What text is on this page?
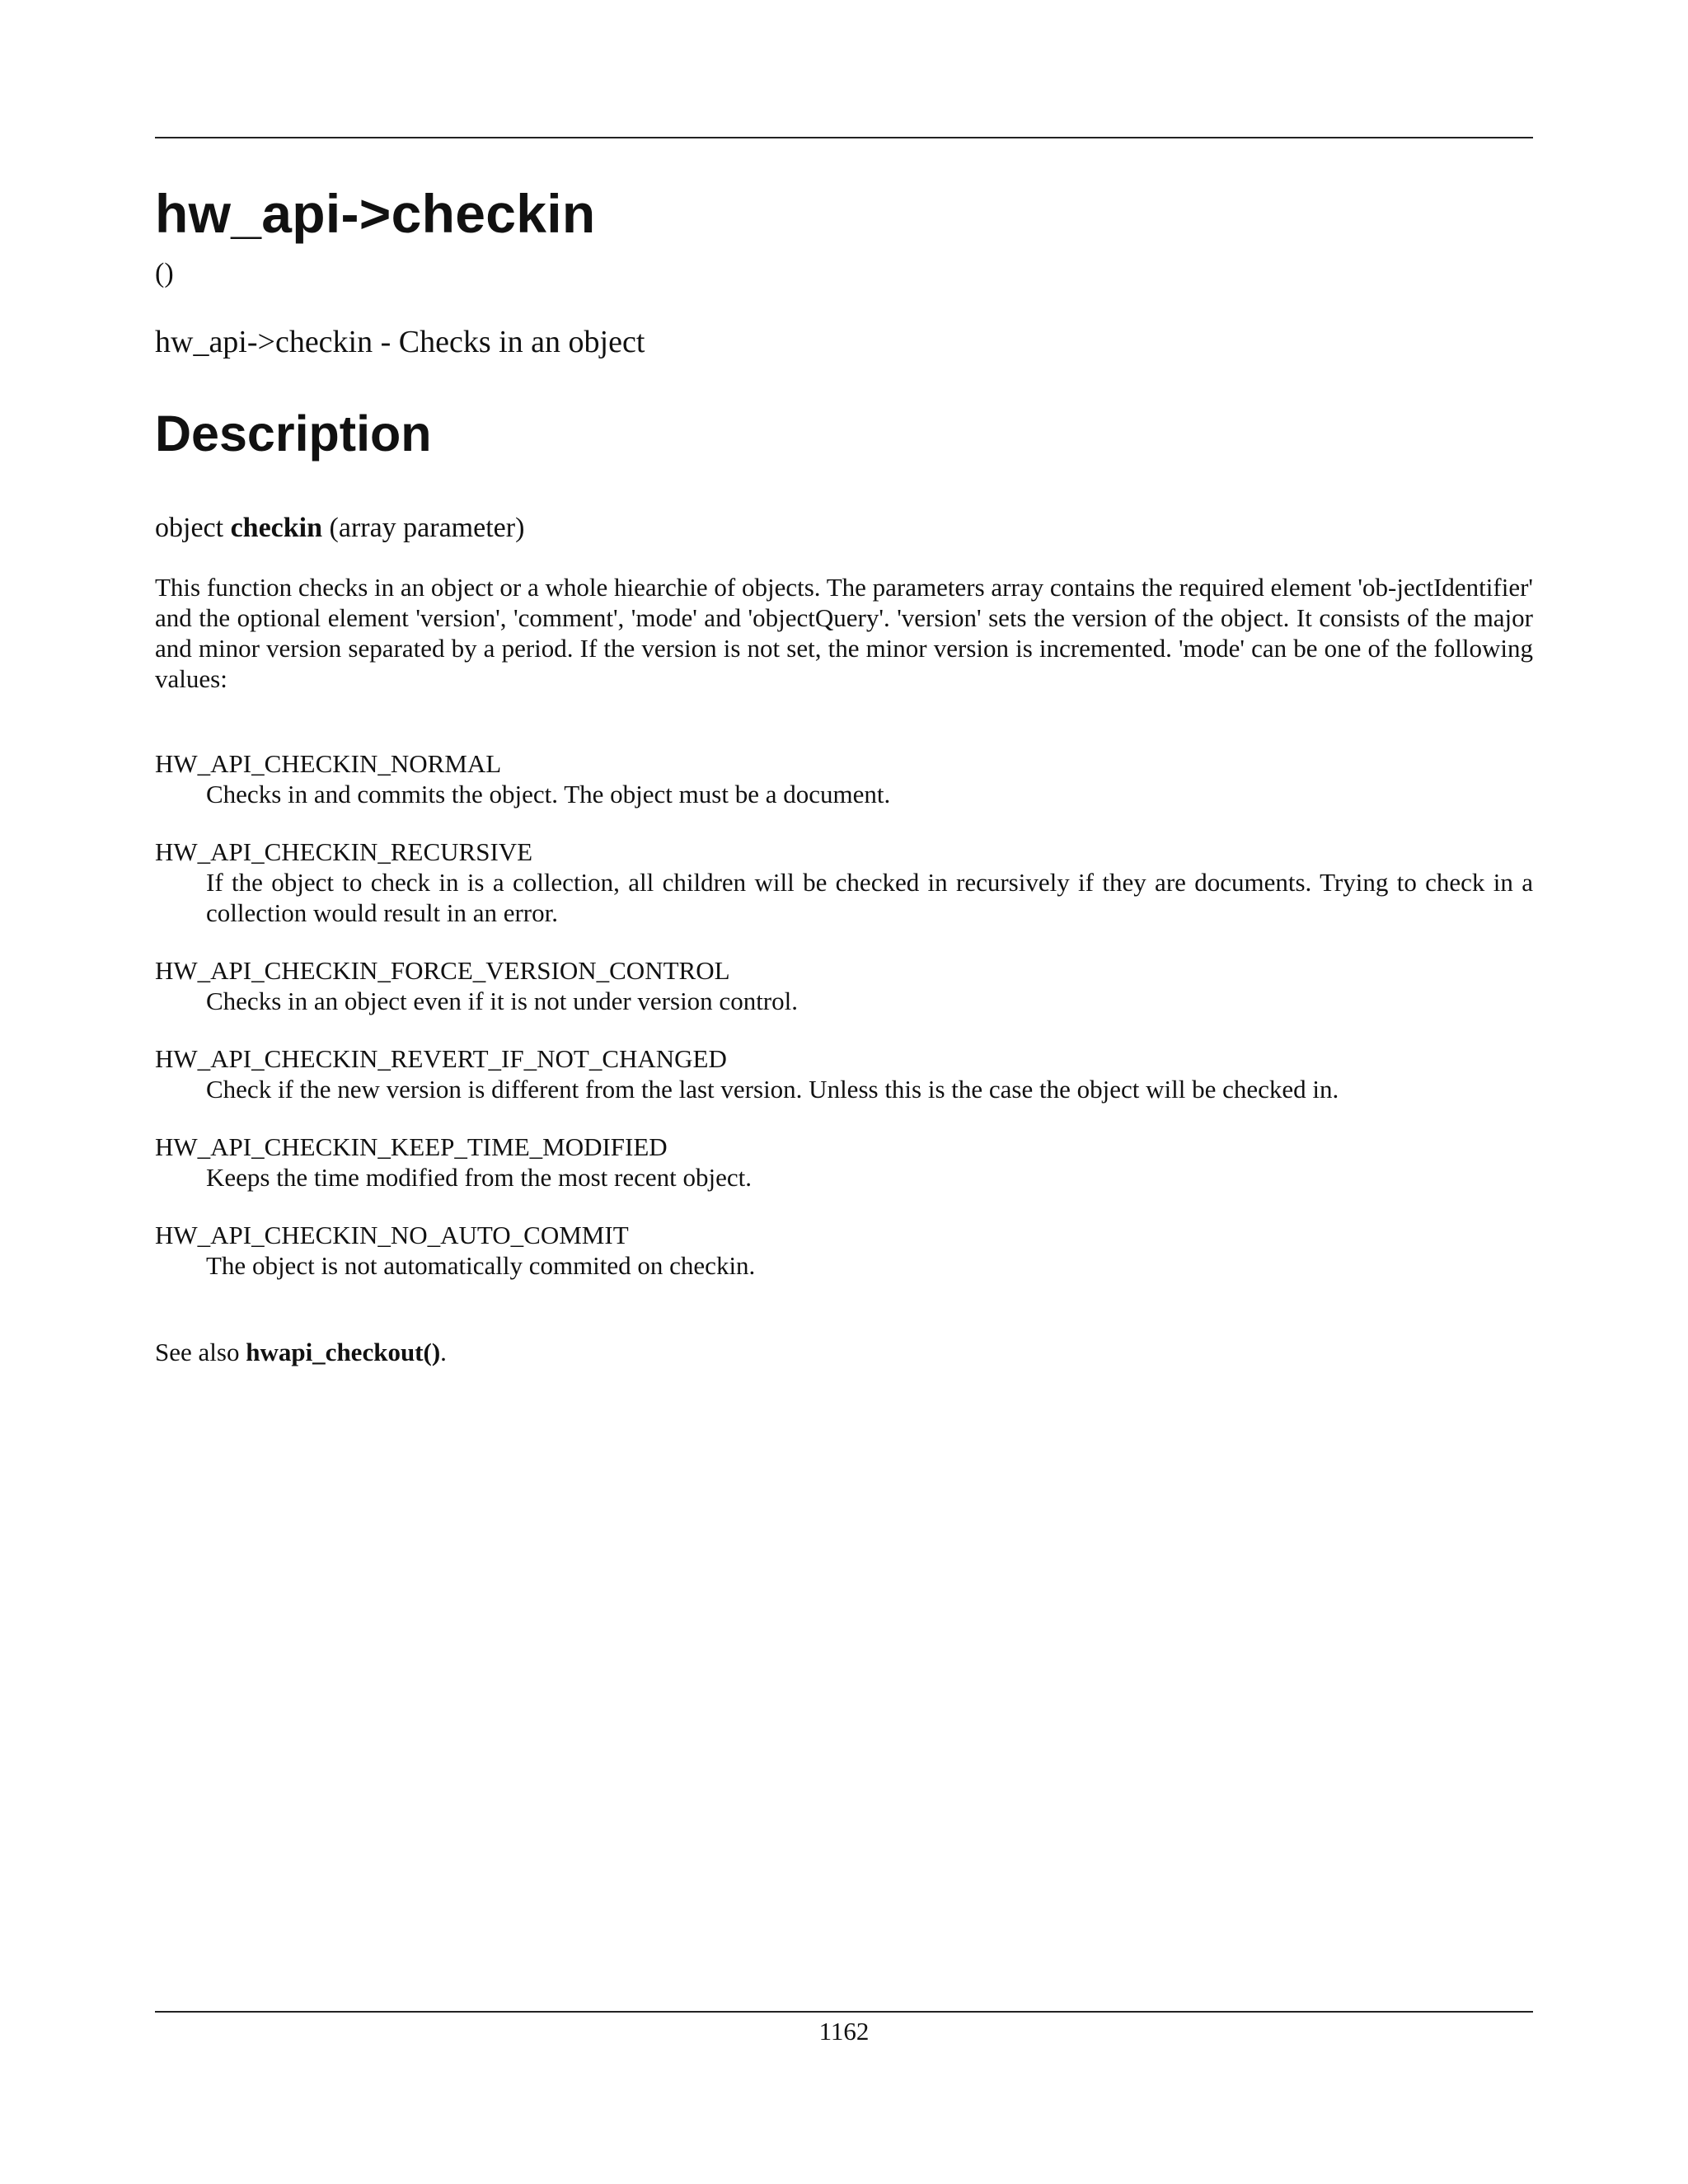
hw_api->checkin
()
hw_api->checkin - Checks in an object
Description
object checkin (array parameter)

This function checks in an object or a whole hiearchie of objects. The parameters array contains the required element 'ob-jectIdentifier' and the optional element 'version', 'comment', 'mode' and 'objectQuery'. 'version' sets the version of the object. It consists of the major and minor version separated by a period. If the version is not set, the minor version is incremented. 'mode' can be one of the following values:

HW_API_CHECKIN_NORMAL
Checks in and commits the object. The object must be a document.
HW_API_CHECKIN_RECURSIVE
If the object to check in is a collection, all children will be checked in recursively if they are documents. Trying to check in a collection would result in an error.
HW_API_CHECKIN_FORCE_VERSION_CONTROL
Checks in an object even if it is not under version control.
HW_API_CHECKIN_REVERT_IF_NOT_CHANGED
Check if the new version is different from the last version. Unless this is the case the object will be checked in.
HW_API_CHECKIN_KEEP_TIME_MODIFIED
Keeps the time modified from the most recent object.
HW_API_CHECKIN_NO_AUTO_COMMIT
The object is not automatically commited on checkin.
See also hwapi_checkout().
1162
